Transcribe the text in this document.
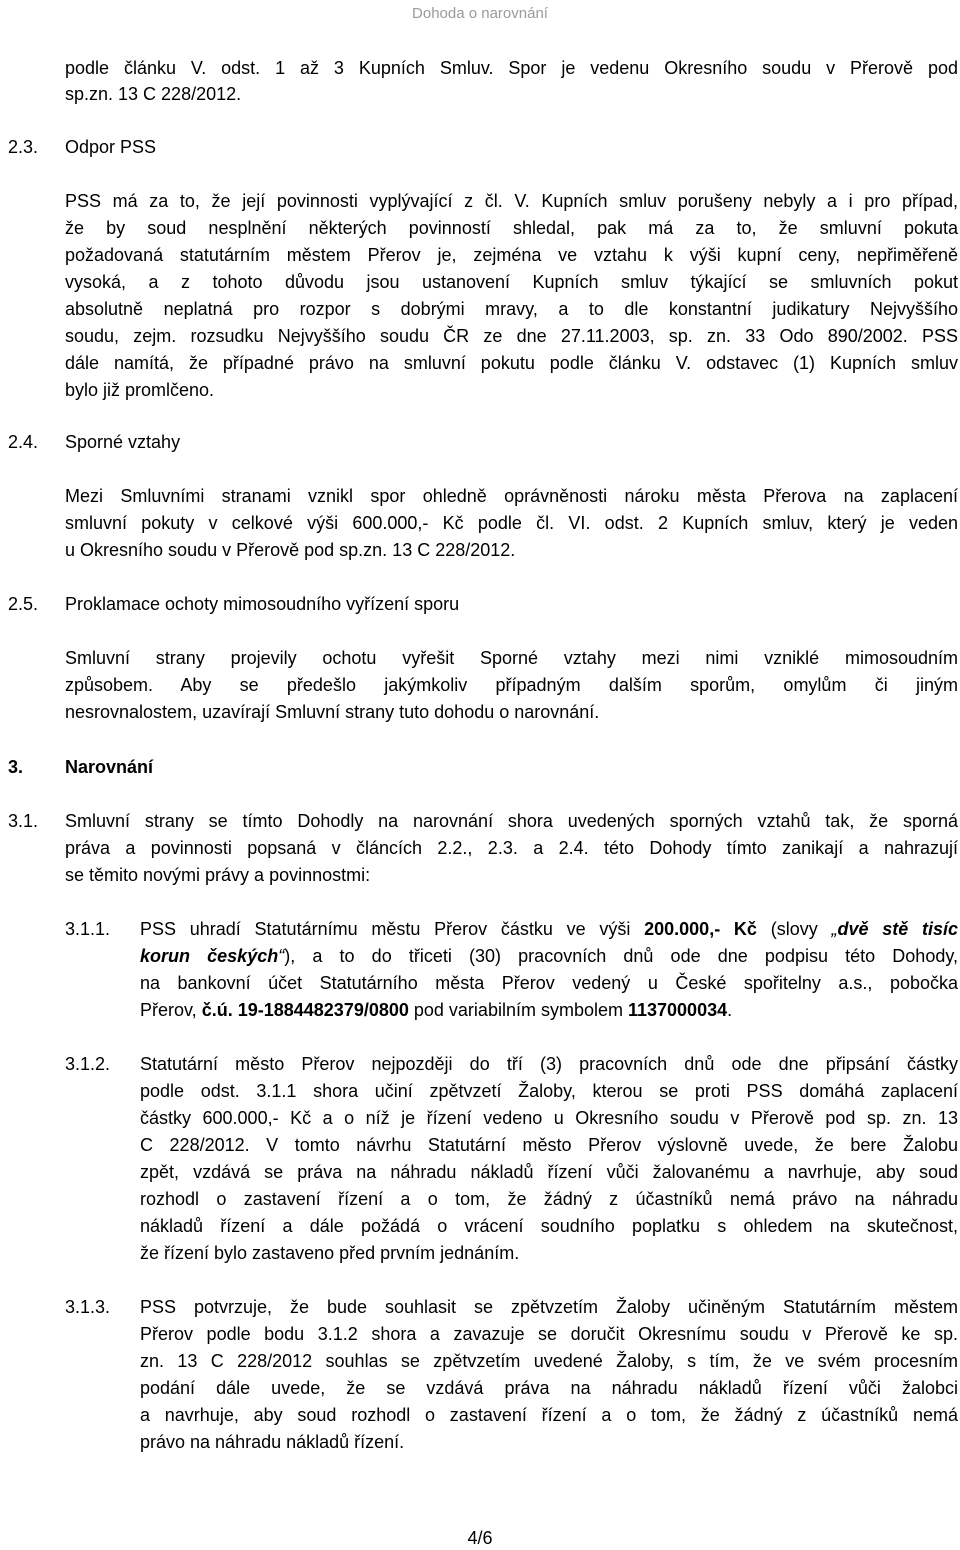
Dohoda o narovnání
podle článku V. odst. 1 až 3 Kupních Smluv. Spor je vedenu Okresního soudu v Přerově pod
sp.zn. 13 C 228/2012.
2.3. Odpor PSS
PSS má za to, že její povinnosti vyplývající z čl. V. Kupních smluv porušeny nebyly a i pro případ,
že by soud nesplnění některých povinností shledal, pak má za to, že smluvní pokuta
požadovaná statutárním městem Přerov je, zejména ve vztahu k výši kupní ceny, nepřiměřeně
vysoká, a z tohoto důvodu jsou ustanovení Kupních smluv týkající se smluvních pokut
absolutně neplatná pro rozpor s dobrými mravy, a to dle konstantní judikatury Nejvyššího
soudu, zejm. rozsudku Nejvyššího soudu ČR ze dne 27.11.2003, sp. zn. 33 Odo 890/2002. PSS
dále namítá, že případné právo na smluvní pokutu podle článku V. odstavec (1) Kupních smluv
bylo již promlčeno.
2.4. Sporné vztahy
Mezi Smluvními stranami vznikl spor ohledně oprávněnosti nároku města Přerova na zaplacení
smluvní pokuty v celkové výši 600.000,- Kč podle čl. VI. odst. 2 Kupních smluv, který je veden
u Okresního soudu v Přerově pod sp.zn. 13 C 228/2012.
2.5. Proklamace ochoty mimosoudního vyřízení sporu
Smluvní strany projevily ochotu vyřešit Sporné vztahy mezi nimi vzniklé mimosoudním
způsobem. Aby se předešlo jakýmkoliv případným dalším sporům, omylům či jiným
nesrovnalostem, uzavírají Smluvní strany tuto dohodu o narovnání.
3. Narovnání
3.1. Smluvní strany se tímto Dohodly na narovnání shora uvedených sporných vztahů tak, že sporná
práva a povinnosti popsaná v článcích 2.2., 2.3. a 2.4. této Dohody tímto zanikají a nahrazují
se těmito novými právy a povinnostmi:
3.1.1. PSS uhradí Statutárnímu městu Přerov částku ve výši 200.000,- Kč (slovy „dvě stě tisíc
korun českých“), a to do třiceti (30) pracovních dnů ode dne podpisu této Dohody,
na bankovní účet Statutárního města Přerov vedený u České spořitelny a.s., pobočka
Přerov, č.ú. 19-1884482379/0800 pod variabilním symbolem 1137000034.
3.1.2. Statutární město Přerov nejpozději do tří (3) pracovních dnů ode dne připsání částky
podle odst. 3.1.1 shora učiní zpětvzetí Žaloby, kterou se proti PSS domáhá zaplacení
částky 600.000,- Kč a o níž je řízení vedeno u Okresního soudu v Přerově pod sp. zn. 13
C 228/2012. V tomto návrhu Statutární město Přerov výslovně uvede, že bere Žalobu
zpět, vzdává se práva na náhradu nákladů řízení vůči žalovanému a navrhuje, aby soud
rozhodl o zastavení řízení a o tom, že žádný z účastníků nemá právo na náhradu
nákladů řízení a dále požádá o vrácení soudního poplatku s ohledem na skutečnost,
že řízení bylo zastaveno před prvním jednáním.
3.1.3. PSS potvrzuje, že bude souhlasit se zpětvzetím Žaloby učiněným Statutárním městem
Přerov podle bodu 3.1.2 shora a zavazuje se doručit Okresnímu soudu v Přerově ke sp.
zn. 13 C 228/2012 souhlas se zpětvzetím uvedené Žaloby, s tím, že ve svém procesním
podání dále uvede, že se vzdává práva na náhradu nákladů řízení vůči žalobci
a navrhuje, aby soud rozhodl o zastavení řízení a o tom, že žádný z účastníků nemá
právo na náhradu nákladů řízení.
4/6
